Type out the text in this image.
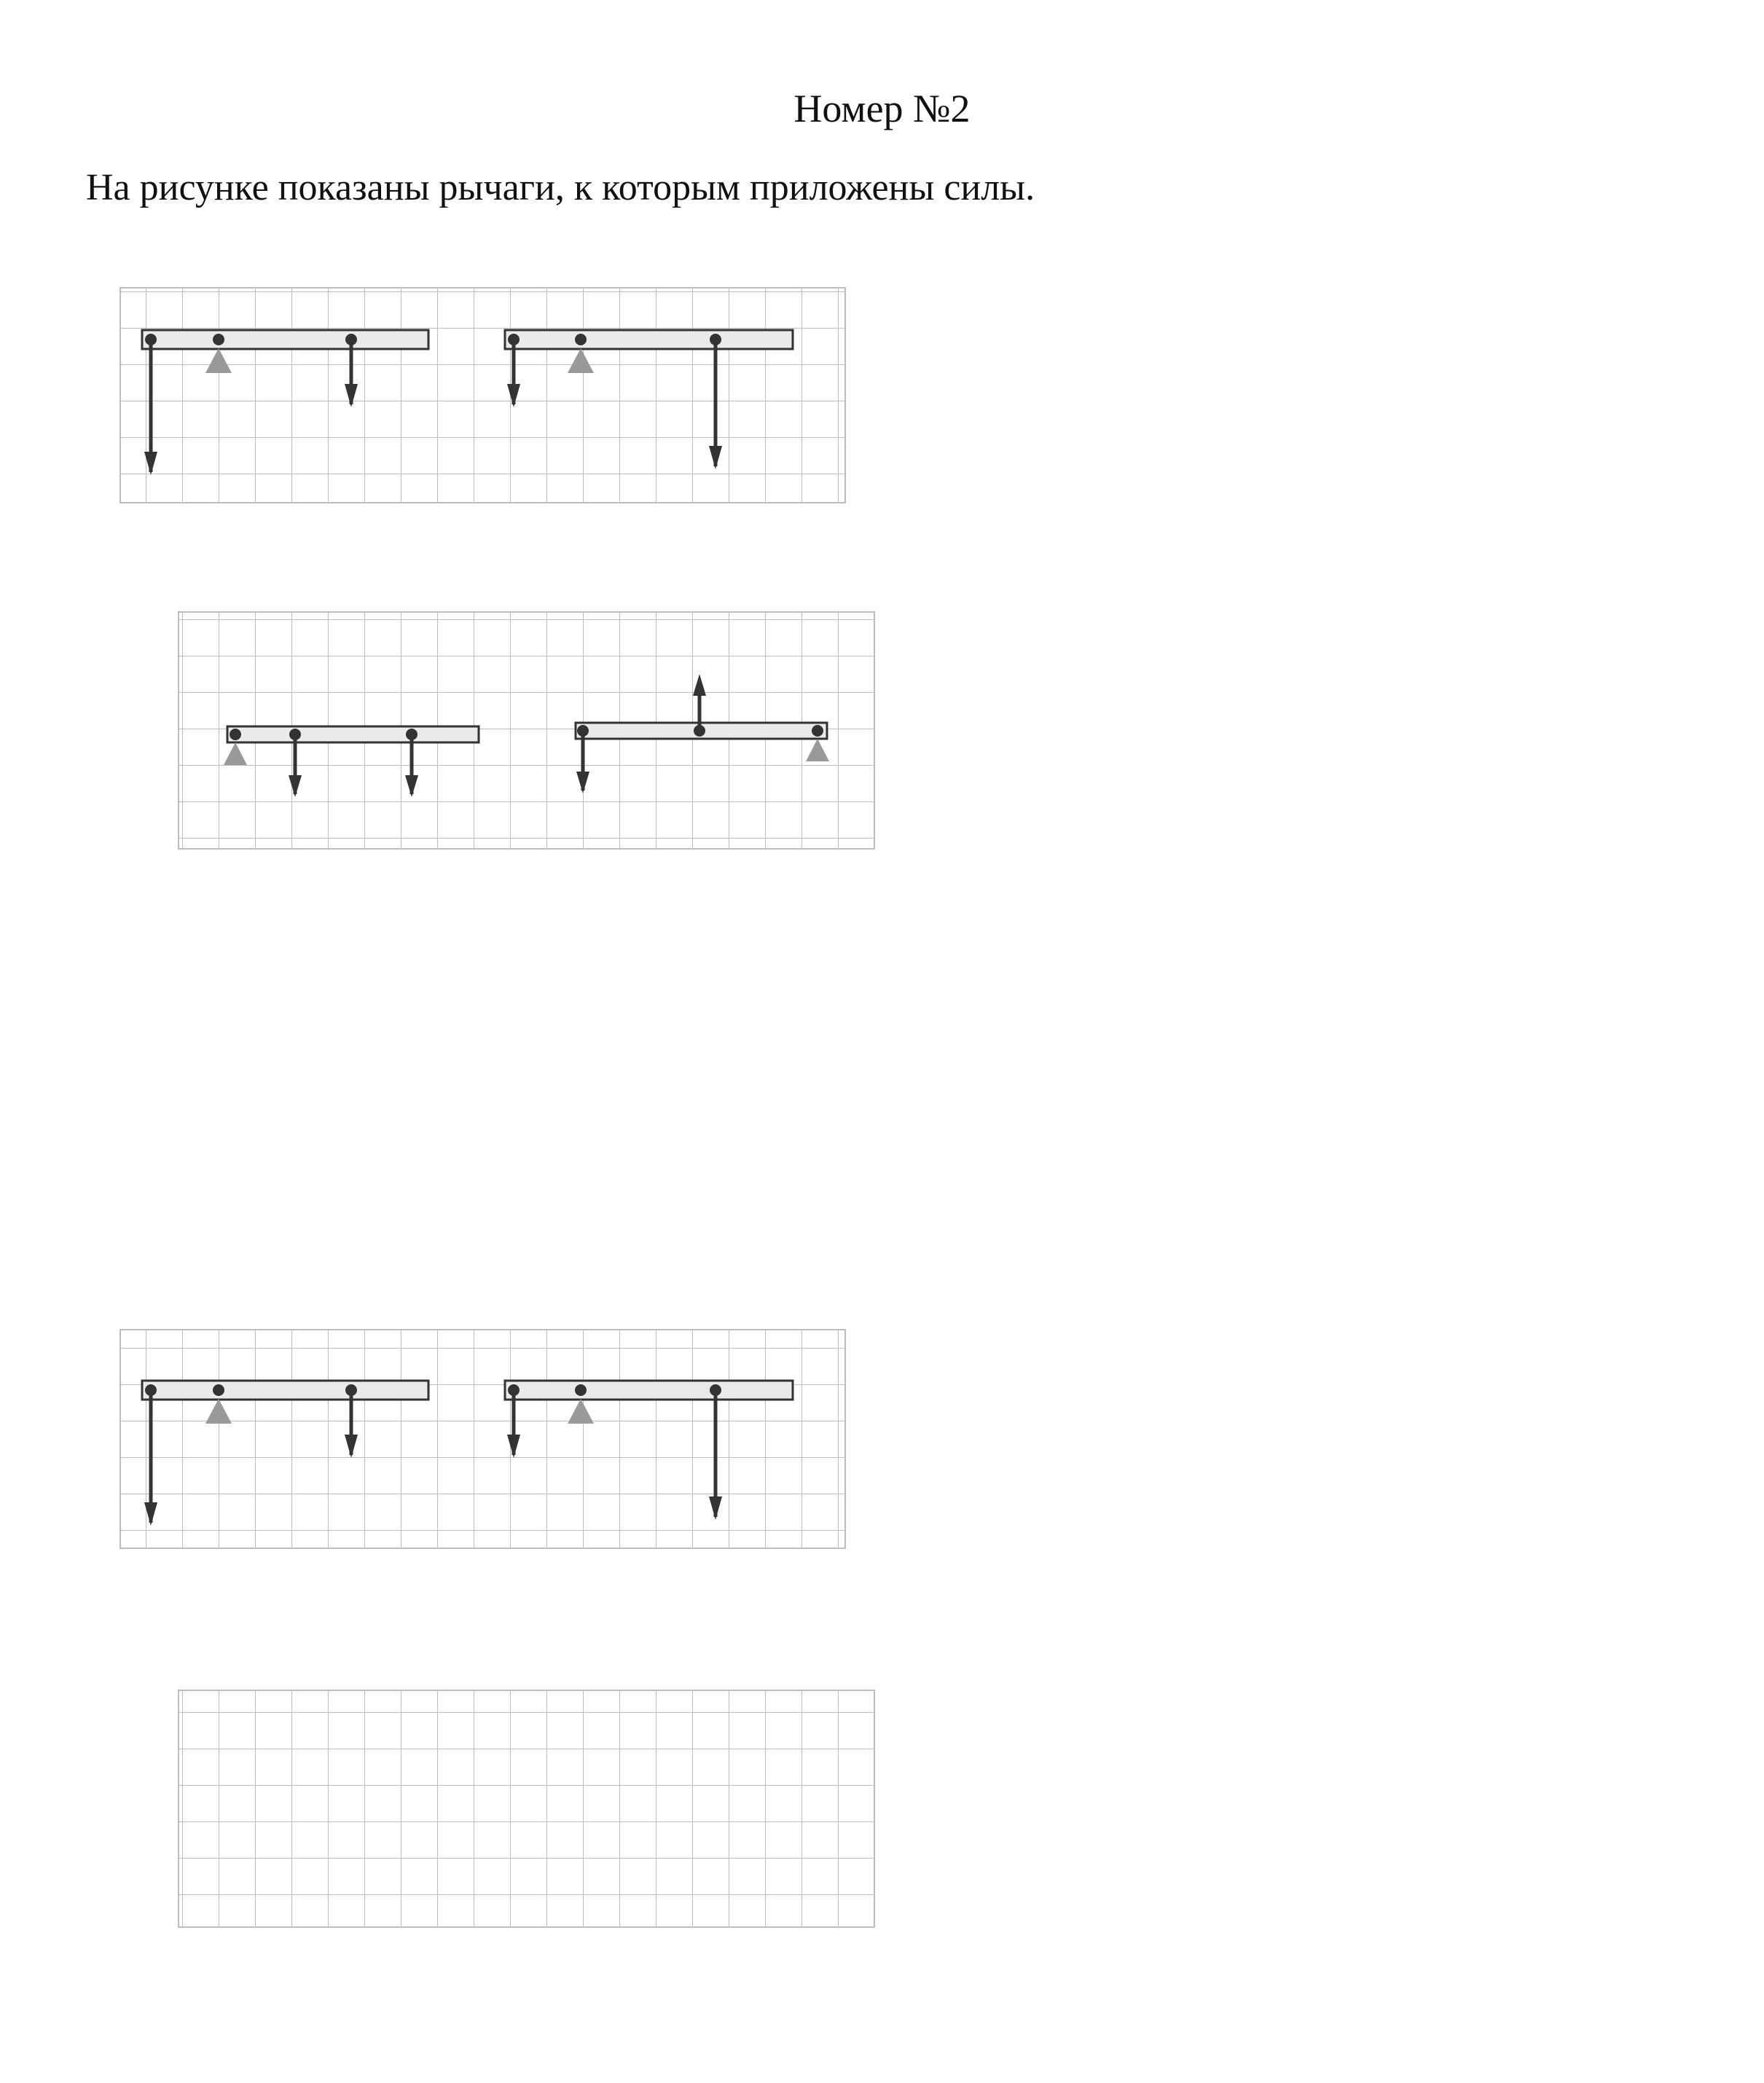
Номер №2
На рисунке показаны рычаги, к которым приложены силы.
